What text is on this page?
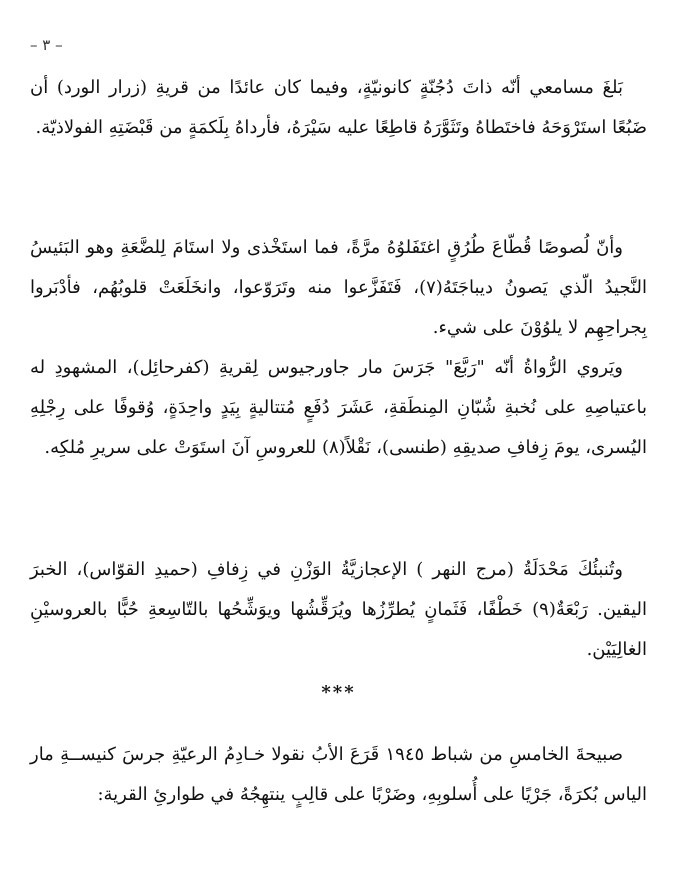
– ٣ –

بَلغَ مسامعي أنّه ذاتَ دُجُنّةٍ كانونيّةٍ، وفيما كان عائدًا من قريةِ (زرار الورد) أن ضَبُعًا استَرْوَحَهُ فاختَطاهُ وتَثَوَّرَهُ قاطِعًا عليه سَيْرَهُ، فأرداهُ بِلَكمَةٍ من قَبْضَتِهِ الفولاذيّة.

وأنّ لُصوصًا قُطّاعَ طُرُقٍ اغتَفَلوُهُ مرَّةً، فما استَخْذى ولا استَامَ لِلضَّعَةِ وهو البَئيسُ النَّجيدُ الّذي يَصونُ ديباجَتَهُ(٧)، فَتَفَزَّعوا منه وتَرَوّعوا، وانخَلَعَتْ قلوبُهُم، فأدْبَروا بِجراحِهِم لا يلوُوْنَ على شيء.

ويَروي الرُّواةُ أنّه "رَبَّعَ" جَرَسَ مار جاورجيوس لِقريةِ (كفرحائِل)، المشهودِ له باعتياصِهِ على نُخبةِ شُبّانِ المِنطَقةِ، عَشَرَ دُفَعٍ مُتتاليةٍ بِيَدٍ واحِدَةٍ، وُقوفًا على رِجْلِهِ اليُسرى، يومَ زِفافِ صديقِهِ (طنسى)، نَقْلاً(٨) للعروسِ آنَ استَوَتْ على سريرِ مُلكِه.

وتُنبئُكَ مَحْدَلَةُ (مرج النهر ) الإعجازيَّةُ الوَزْنِ في زِفافِ (حميدِ القوّاس)، الخبرَ اليقين. رَبْعَةٌ(٩) خَطْفًا، فَثَمانٍ يُطرِّزُها ويُرَقِّشُها ويوَشِّحُها بالتّاسِعةِ حُبًّا بالعروسيْنِ الغالِيَيْن.

***

صبيحةَ الخامسِ من شباط ١٩٤٥ قَرَعَ الأبُ نقولا خـادِمُ الرعيّةِ جرسَ كنيســةِ مار الياس بُكرَةً، جَرْيًا على أُسلوبِهِ، وضَرْبًا على قالِبٍ ينتهِجُهُ في طوارئِ القرية:
